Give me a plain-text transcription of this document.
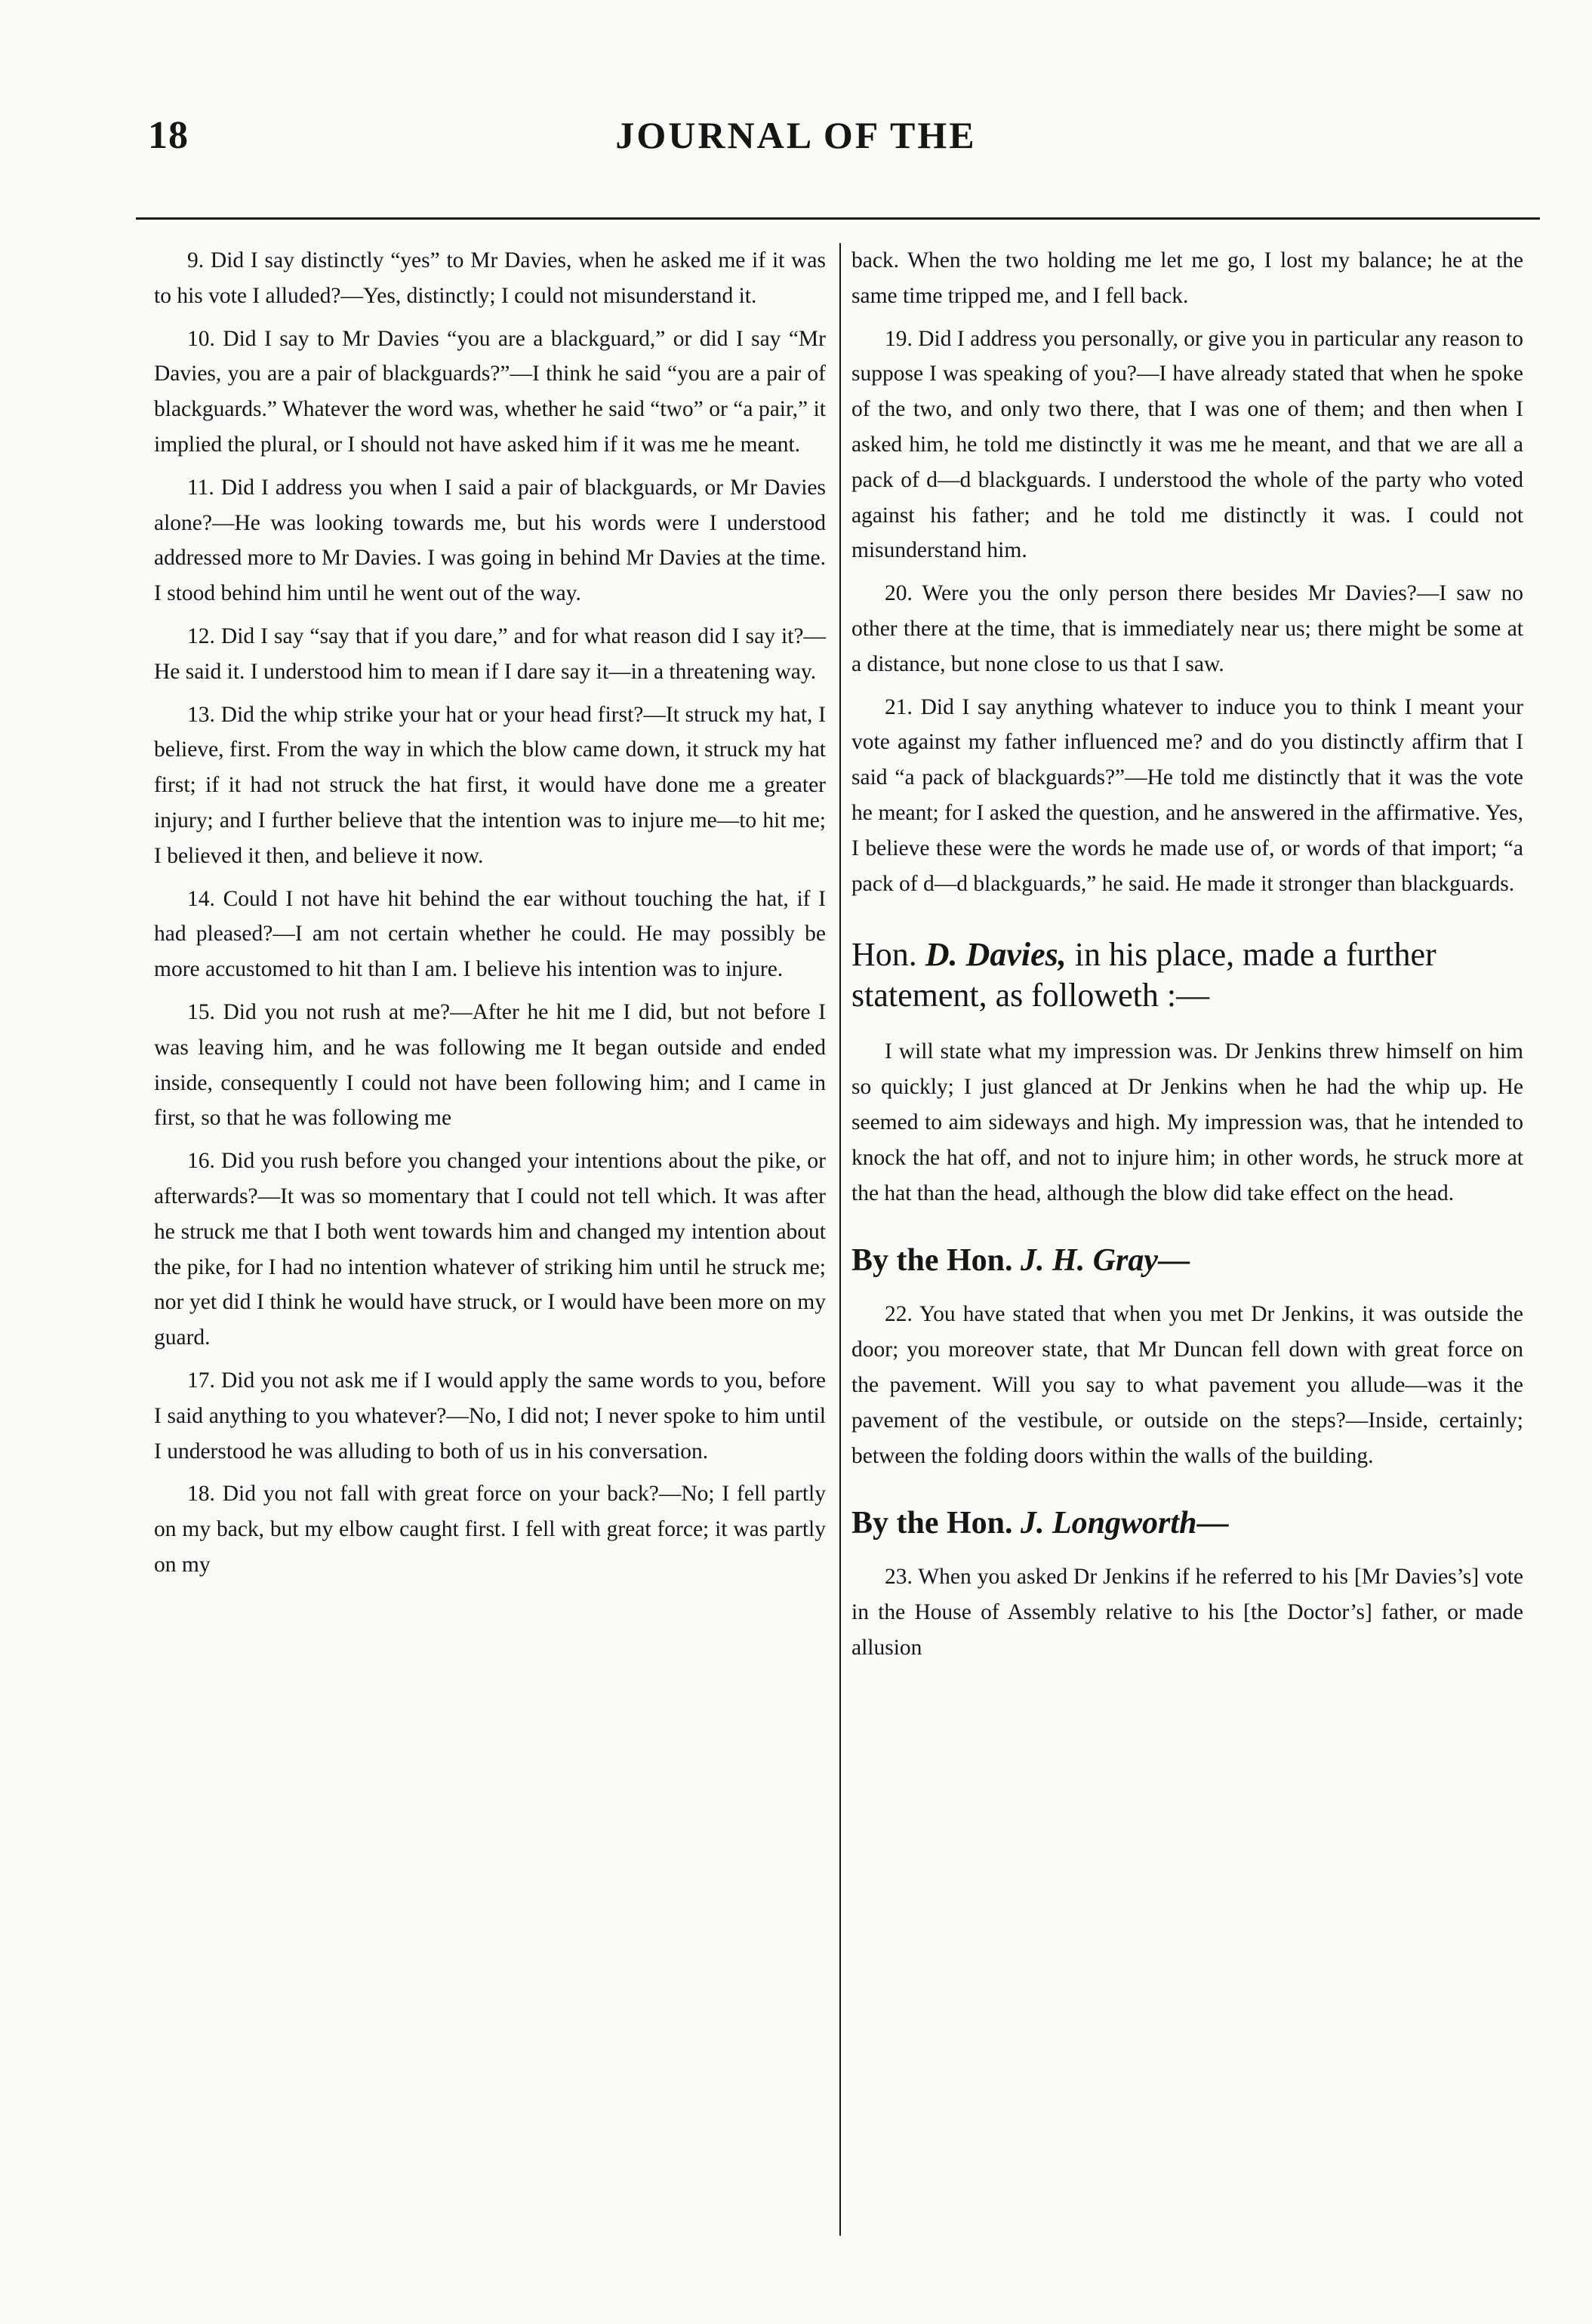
18	JOURNAL OF THE

9. Did I say distinctly “yes” to Mr Davies, when he asked me if it was to his vote I alluded?—Yes, distinctly; I could not misunderstand it.

10. Did I say to Mr Davies “you are a blackguard,” or did I say “Mr Davies, you are a pair of blackguards?”—I think he said “you are a pair of blackguards.” Whatever the word was, whether he said “two” or “a pair,” it implied the plural, or I should not have asked him if it was me he meant.

11. Did I address you when I said a pair of blackguards, or Mr Davies alone?—He was looking towards me, but his words were I understood addressed more to Mr Davies. I was going in behind Mr Davies at the time. I stood behind him until he went out of the way.

12. Did I say “say that if you dare,” and for what reason did I say it?—He said it. I understood him to mean if I dare say it—in a threatening way.

13. Did the whip strike your hat or your head first?—It struck my hat, I believe, first. From the way in which the blow came down, it struck my hat first; if it had not struck the hat first, it would have done me a greater injury; and I further believe that the intention was to injure me—to hit me; I believed it then, and believe it now.

14. Could I not have hit behind the ear without touching the hat, if I had pleased?—I am not certain whether he could. He may possibly be more accustomed to hit than I am. I believe his intention was to injure.

15. Did you not rush at me?—After he hit me I did, but not before I was leaving him, and he was following me It began outside and ended inside, consequently I could not have been following him; and I came in first, so that he was following me

16. Did you rush before you changed your intentions about the pike, or afterwards?—It was so momentary that I could not tell which. It was after he struck me that I both went towards him and changed my intention about the pike, for I had no intention whatever of striking him until he struck me; nor yet did I think he would have struck, or I would have been more on my guard.

17. Did you not ask me if I would apply the same words to you, before I said anything to you whatever?—No, I did not; I never spoke to him until I understood he was alluding to both of us in his conversation.

18. Did you not fall with great force on your back?—No; I fell partly on my back, but my elbow caught first. I fell with great force; it was partly on my

back. When the two holding me let me go, I lost my balance; he at the same time tripped me, and I fell back.

19. Did I address you personally, or give you in particular any reason to suppose I was speaking of you?—I have already stated that when he spoke of the two, and only two there, that I was one of them; and then when I asked him, he told me distinctly it was me he meant, and that we are all a pack of d—d blackguards. I understood the whole of the party who voted against his father; and he told me distinctly it was. I could not misunderstand him.

20. Were you the only person there besides Mr Davies?—I saw no other there at the time, that is immediately near us; there might be some at a distance, but none close to us that I saw.

21. Did I say anything whatever to induce you to think I meant your vote against my father influenced me? and do you distinctly affirm that I said “a pack of blackguards?”—He told me distinctly that it was the vote he meant; for I asked the question, and he answered in the affirmative. Yes, I believe these were the words he made use of, or words of that import; “a pack of d—d blackguards,” he said. He made it stronger than blackguards.

Hon. D. Davies, in his place, made a further statement, as followeth :—

I will state what my impression was. Dr Jenkins threw himself on him so quickly; I just glanced at Dr Jenkins when he had the whip up. He seemed to aim sideways and high. My impression was, that he intended to knock the hat off, and not to injure him; in other words, he struck more at the hat than the head, although the blow did take effect on the head.

By the Hon. J. H. Gray—

22. You have stated that when you met Dr Jenkins, it was outside the door; you moreover state, that Mr Duncan fell down with great force on the pavement. Will you say to what pavement you allude—was it the pavement of the vestibule, or outside on the steps?—Inside, certainly; between the folding doors within the walls of the building.

By the Hon. J. Longworth—

23. When you asked Dr Jenkins if he referred to his [Mr Davies’s] vote in the House of Assembly relative to his [the Doctor’s] father, or made allusion
